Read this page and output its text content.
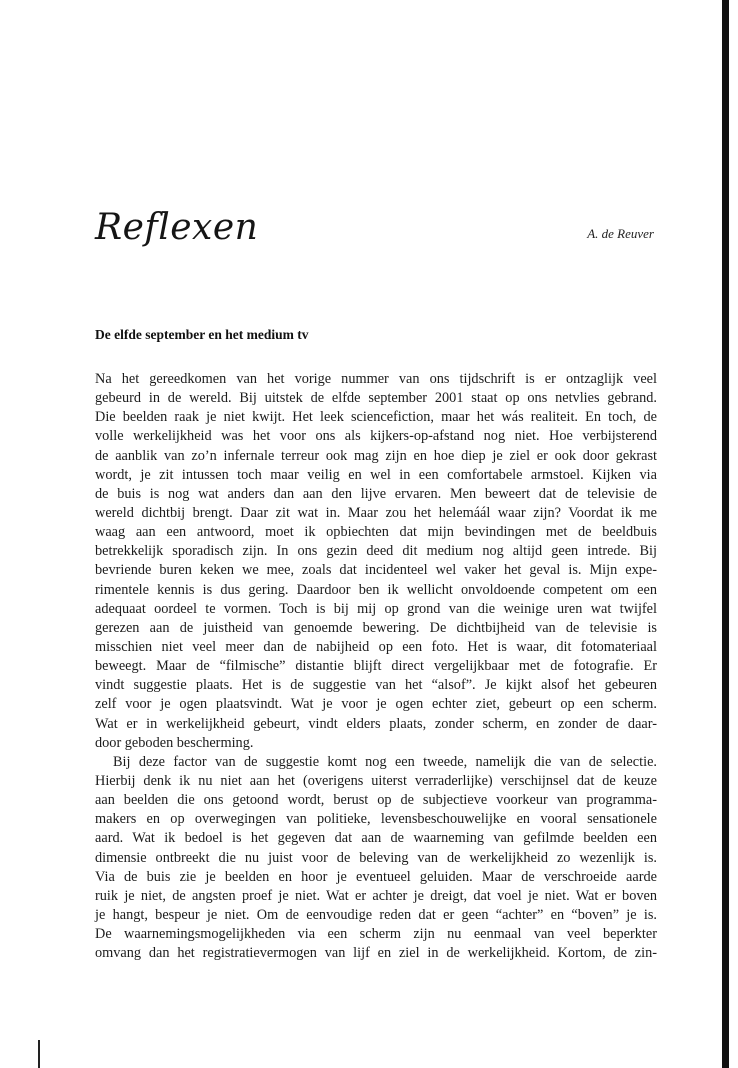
Reflexen	A. de Reuver
De elfde september en het medium tv
Na het gereedkomen van het vorige nummer van ons tijdschrift is er ontzaglijk veel
gebeurd in de wereld. Bij uitstek de elfde september 2001 staat op ons netvlies gebrand.
Die beelden raak je niet kwijt. Het leek sciencefiction, maar het wás realiteit. En toch, de
volle werkelijkheid was het voor ons als kijkers-op-afstand nog niet. Hoe verbijsterend
de aanblik van zo’n infernale terreur ook mag zijn en hoe diep je ziel er ook door gekrast
wordt, je zit intussen toch maar veilig en wel in een comfortabele armstoel. Kijken via
de buis is nog wat anders dan aan den lijve ervaren. Men beweert dat de televisie de
wereld dichtbij brengt. Daar zit wat in. Maar zou het helemáál waar zijn? Voordat ik me
waag aan een antwoord, moet ik opbiechten dat mijn bevindingen met de beeldbuis
betrekkelijk sporadisch zijn. In ons gezin deed dit medium nog altijd geen intrede. Bij
bevriende buren keken we mee, zoals dat incidenteel wel vaker het geval is. Mijn expe-
rimentele kennis is dus gering. Daardoor ben ik wellicht onvoldoende competent om een
adequaat oordeel te vormen. Toch is bij mij op grond van die weinige uren wat twijfel
gerezen aan de juistheid van genoemde bewering. De dichtbijheid van de televisie is
misschien niet veel meer dan de nabijheid op een foto. Het is waar, dit fotomateriaal
beweegt. Maar de “filmische” distantie blijft direct vergelijkbaar met de fotografie. Er
vindt suggestie plaats. Het is de suggestie van het “alsof”. Je kijkt alsof het gebeuren
zelf voor je ogen plaatsvindt. Wat je voor je ogen echter ziet, gebeurt op een scherm.
Wat er in werkelijkheid gebeurt, vindt elders plaats, zonder scherm, en zonder de daar-
door geboden bescherming.
Bij deze factor van de suggestie komt nog een tweede, namelijk die van de selectie.
Hierbij denk ik nu niet aan het (overigens uiterst verraderlijke) verschijnsel dat de keuze
aan beelden die ons getoond wordt, berust op de subjectieve voorkeur van programma-
makers en op overwegingen van politieke, levensbeschouwelijke en vooral sensationele
aard. Wat ik bedoel is het gegeven dat aan de waarneming van gefilmde beelden een
dimensie ontbreekt die nu juist voor de beleving van de werkelijkheid zo wezenlijk is.
Via de buis zie je beelden en hoor je eventueel geluiden. Maar de verschroeide aarde
ruik je niet, de angsten proef je niet. Wat er achter je dreigt, dat voel je niet. Wat er boven
je hangt, bespeur je niet. Om de eenvoudige reden dat er geen “achter” en “boven” je is.
De waarnemingsmogelijkheden via een scherm zijn nu eenmaal van veel beperkter
omvang dan het registratievermogen van lijf en ziel in de werkelijkheid. Kortom, de zin-
